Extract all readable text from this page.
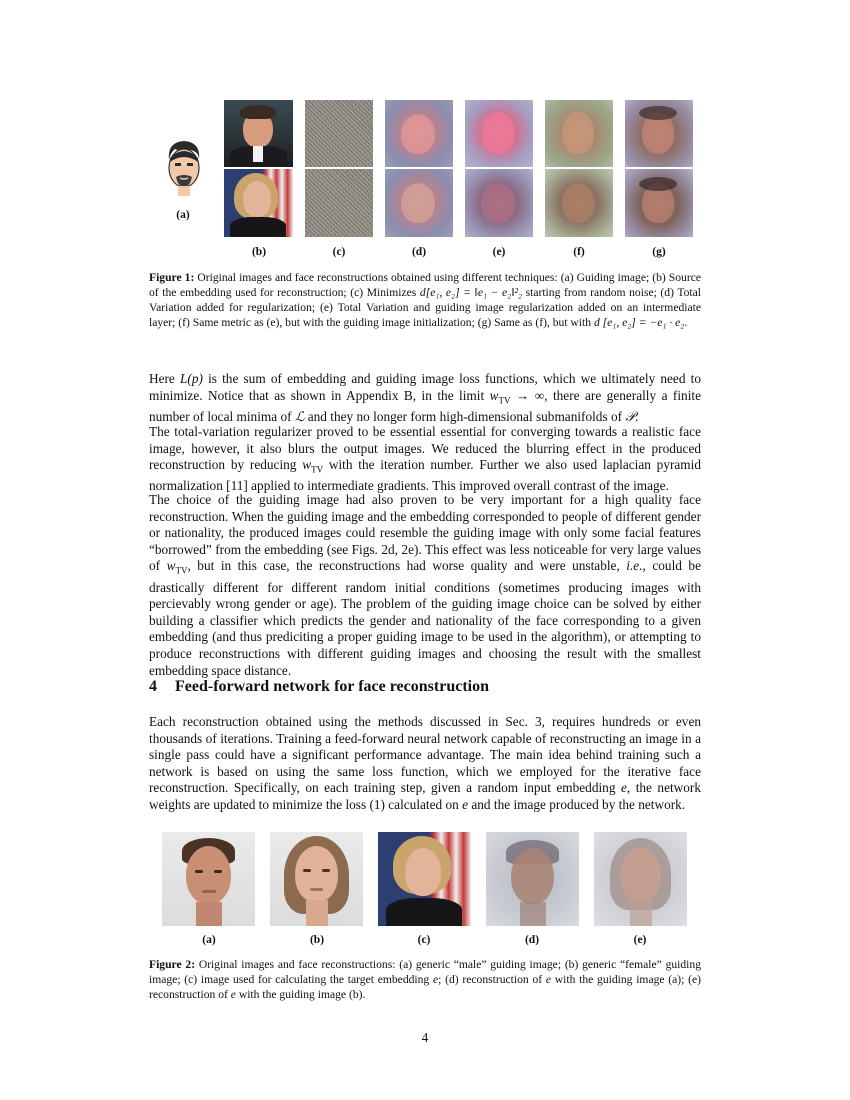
(a)
(b)	(c)	(d)	(e)	(f)	(g)
Figure 1: Original images and face reconstructions obtained using different techniques: (a) Guiding image; (b) Source of the embedding used for reconstruction; (c) Minimizes d[e₁, e₂] = ‖e₁ − e₂‖²₂ starting from random noise; (d) Total Variation added for regularization; (e) Total Variation and guiding image regularization added on an intermediate layer; (f) Same metric as (e), but with the guiding image initialization; (g) Same as (f), but with d [e₁, e₂] = −e₁ · e₂.

Here L(p) is the sum of embedding and guiding image loss functions, which we ultimately need to minimize. Notice that as shown in Appendix B, in the limit $w_{TV}$ → ∞, there are generally a finite number of local minima of ℒ and they no longer form high-dimensional submanifolds of 𝒫.

The total-variation regularizer proved to be essential essential for converging towards a realistic face image, however, it also blurs the output images. We reduced the blurring effect in the produced reconstruction by reducing $w_{TV}$ with the iteration number. Further we also used laplacian pyramid normalization [11] applied to intermediate gradients. This improved overall contrast of the image.

The choice of the guiding image had also proven to be very important for a high quality face reconstruction. When the guiding image and the embedding corresponded to people of different gender or nationality, the produced images could resemble the guiding image with only some facial features “borrowed” from the embedding (see Figs. 2d, 2e). This effect was less noticeable for very large values of $w_{TV}$, but in this case, the reconstructions had worse quality and were unstable, i.e., could be drastically different for different random initial conditions (sometimes producing images with percievably wrong gender or age). The problem of the guiding image choice can be solved by either building a classifier which predicts the gender and nationality of the face corresponding to a given embedding (and thus prediciting a proper guiding image to be used in the algorithm), or attempting to produce reconstructions with different guiding images and choosing the result with the smallest embedding space distance.

4 Feed-forward network for face reconstruction

Each reconstruction obtained using the methods discussed in Sec. 3, requires hundreds or even thousands of iterations. Training a feed-forward neural network capable of reconstructing an image in a single pass could have a significant performance advantage. The main idea behind training such a network is based on using the same loss function, which we employed for the iterative face reconstruction. Specifically, on each training step, given a random input embedding e, the network weights are updated to minimize the loss (1) calculated on e and the image produced by the network.

(a)	(b)	(c)	(d)	(e)
Figure 2: Original images and face reconstructions: (a) generic “male” guiding image; (b) generic “female” guiding image; (c) image used for calculating the target embedding e; (d) reconstruction of e with the guiding image (a); (e) reconstruction of e with the guiding image (b).
4
